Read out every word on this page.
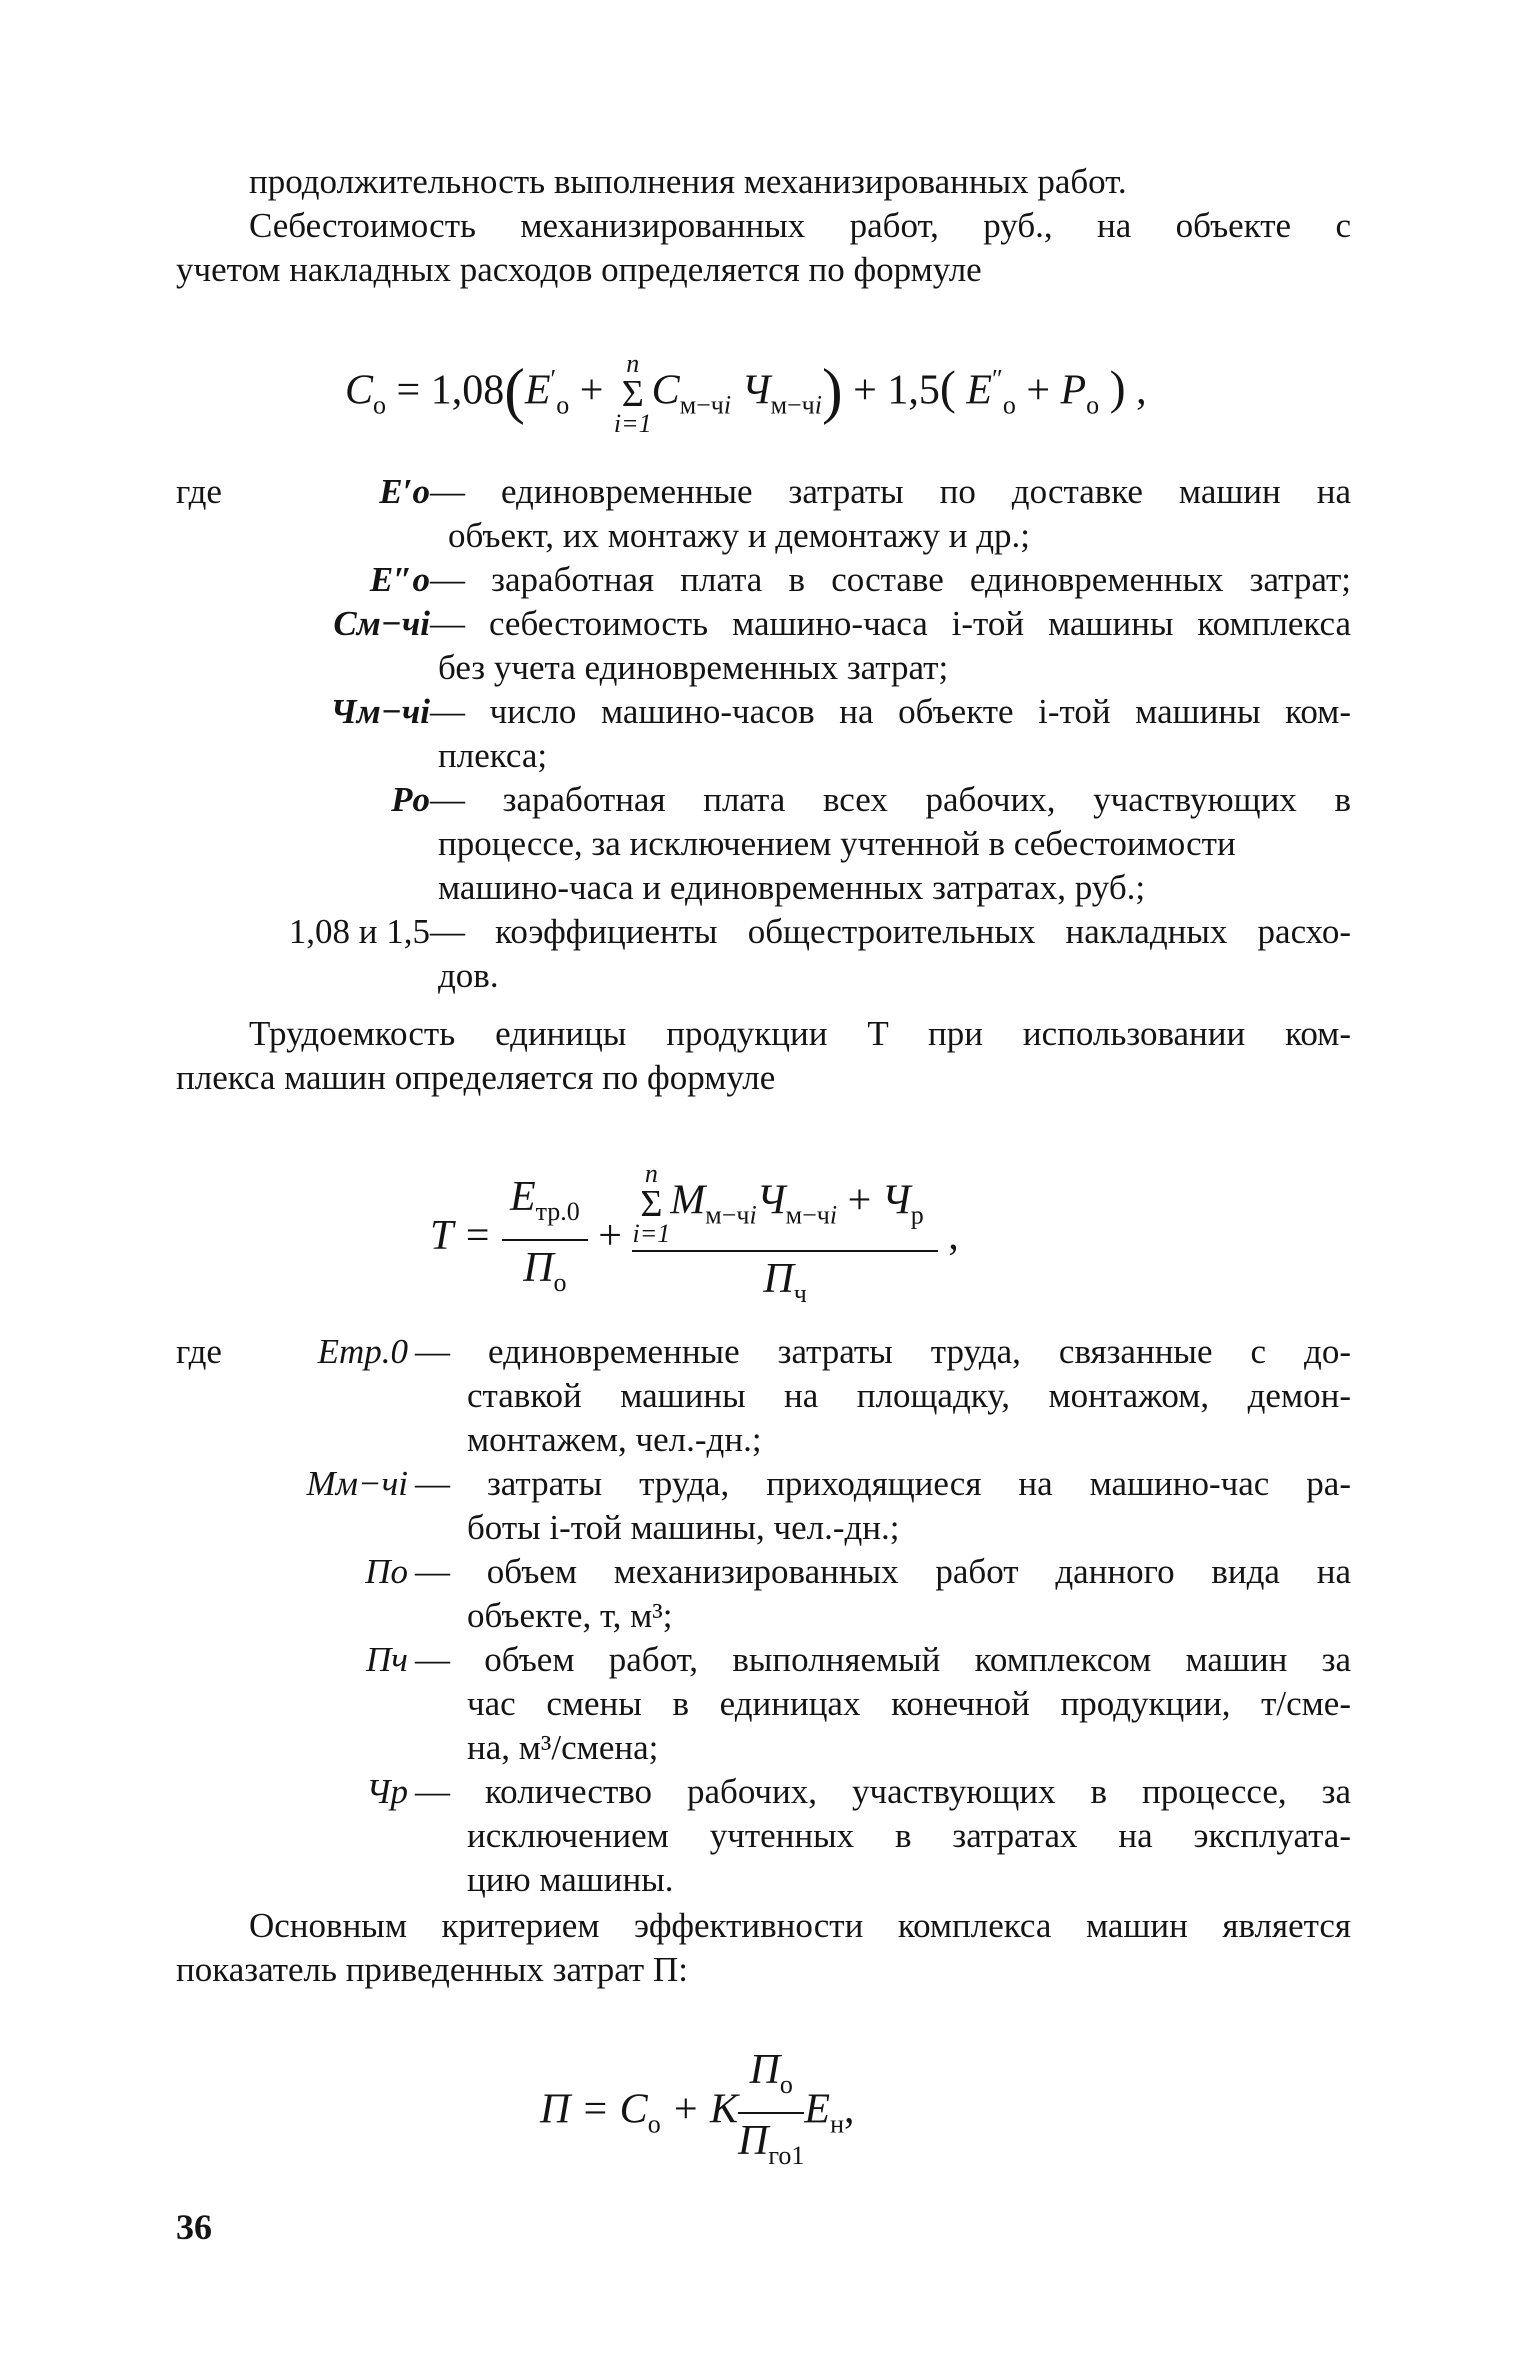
продолжительность выполнения механизированных работ.
Себестоимость механизированных работ, руб., на объекте с
учетом накладных расходов определяется по формуле
$C_o = 1,08(E'_o$ +
n
Σ
i=1
$C_{м-чi}$ $Ч_{м-чi}) + 1,5$( $E''_o + P_o$ ) ,
где	E′o — единовременные затраты по доставке машин на
объект, их монтажу и демонтажу и др.;
E″o — заработная плата в составе единовременных затрат;
Cм−чi — себестоимость машино-часа i-той машины комплекса
без учета единовременных затрат;
Чм−чi — число машино-часов на объекте i-той машины ком-
плекса;
Po — заработная плата всех рабочих, участвующих в
процессе, за исключением учтенной в себестоимости
машино-часа и единовременных затратах, руб.;
1,08 и 1,5 — коэффициенты общестроительных накладных расхо-
дов.
Трудоемкость единицы продукции T при использовании ком-
плекса машин определяется по формуле
$T = \frac{E_{тр.0}}{П_о} + n$
Σ
i=1
$M_{м-чi}Ч_{м-чi} + Ч_р$
$П_ч$ ,
где	Eтр.0 — единовременные затраты труда, связанные с до-
ставкой машины на площадку, монтажом, демон-
монтажем, чел.-дн.;
Mм−чi — затраты труда, приходящиеся на машино-час ра-
боты i-той машины, чел.-дн.;
По — объем механизированных работ данного вида на
объекте, т, м³;
Пч — объем работ, выполняемый комплексом машин за
час смены в единицах конечной продукции, т/сме-
на, м³/смена;
Чр — количество рабочих, участвующих в процессе, за
исключением учтенных в затратах на эксплуата-
цию машины.
Основным критерием эффективности комплекса машин является
показатель приведенных затрат П:
$П = C_о + K \frac{П_о}{П_{го1}} E_н$,
36
